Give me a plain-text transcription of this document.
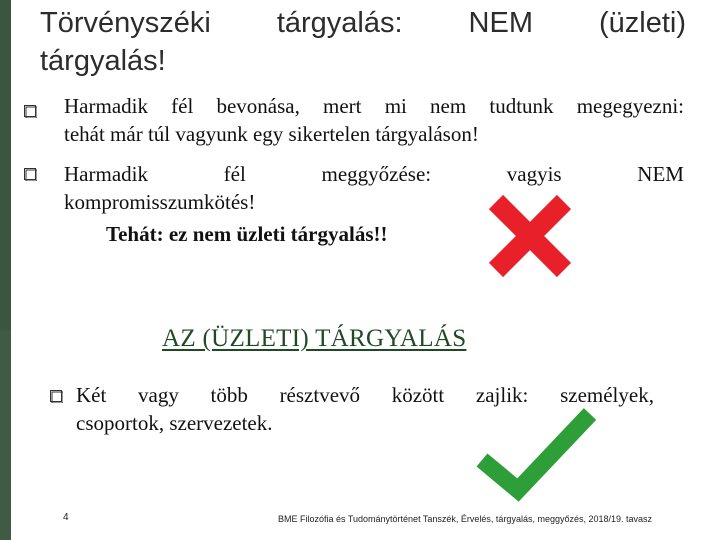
Törvényszéki tárgyalás: NEM (üzleti)
tárgyalás!
Harmadik fél bevonása, mert mi nem tudtunk megegyezni:
tehát már túl vagyunk egy sikertelen tárgyaláson!
Harmadik	fél	meggyőzése:	vagyis	NEM
kompromisszumkötés!
Tehát: ez nem üzleti tárgyalás!!
AZ (ÜZLETI) TÁRGYALÁS
Két vagy több résztvevő között zajlik: személyek,
csoportok, szervezetek.
4	BME Filozófia és Tudománytörténet Tanszék, Érvelés, tárgyalás, meggyőzés, 2018/19. tavasz
